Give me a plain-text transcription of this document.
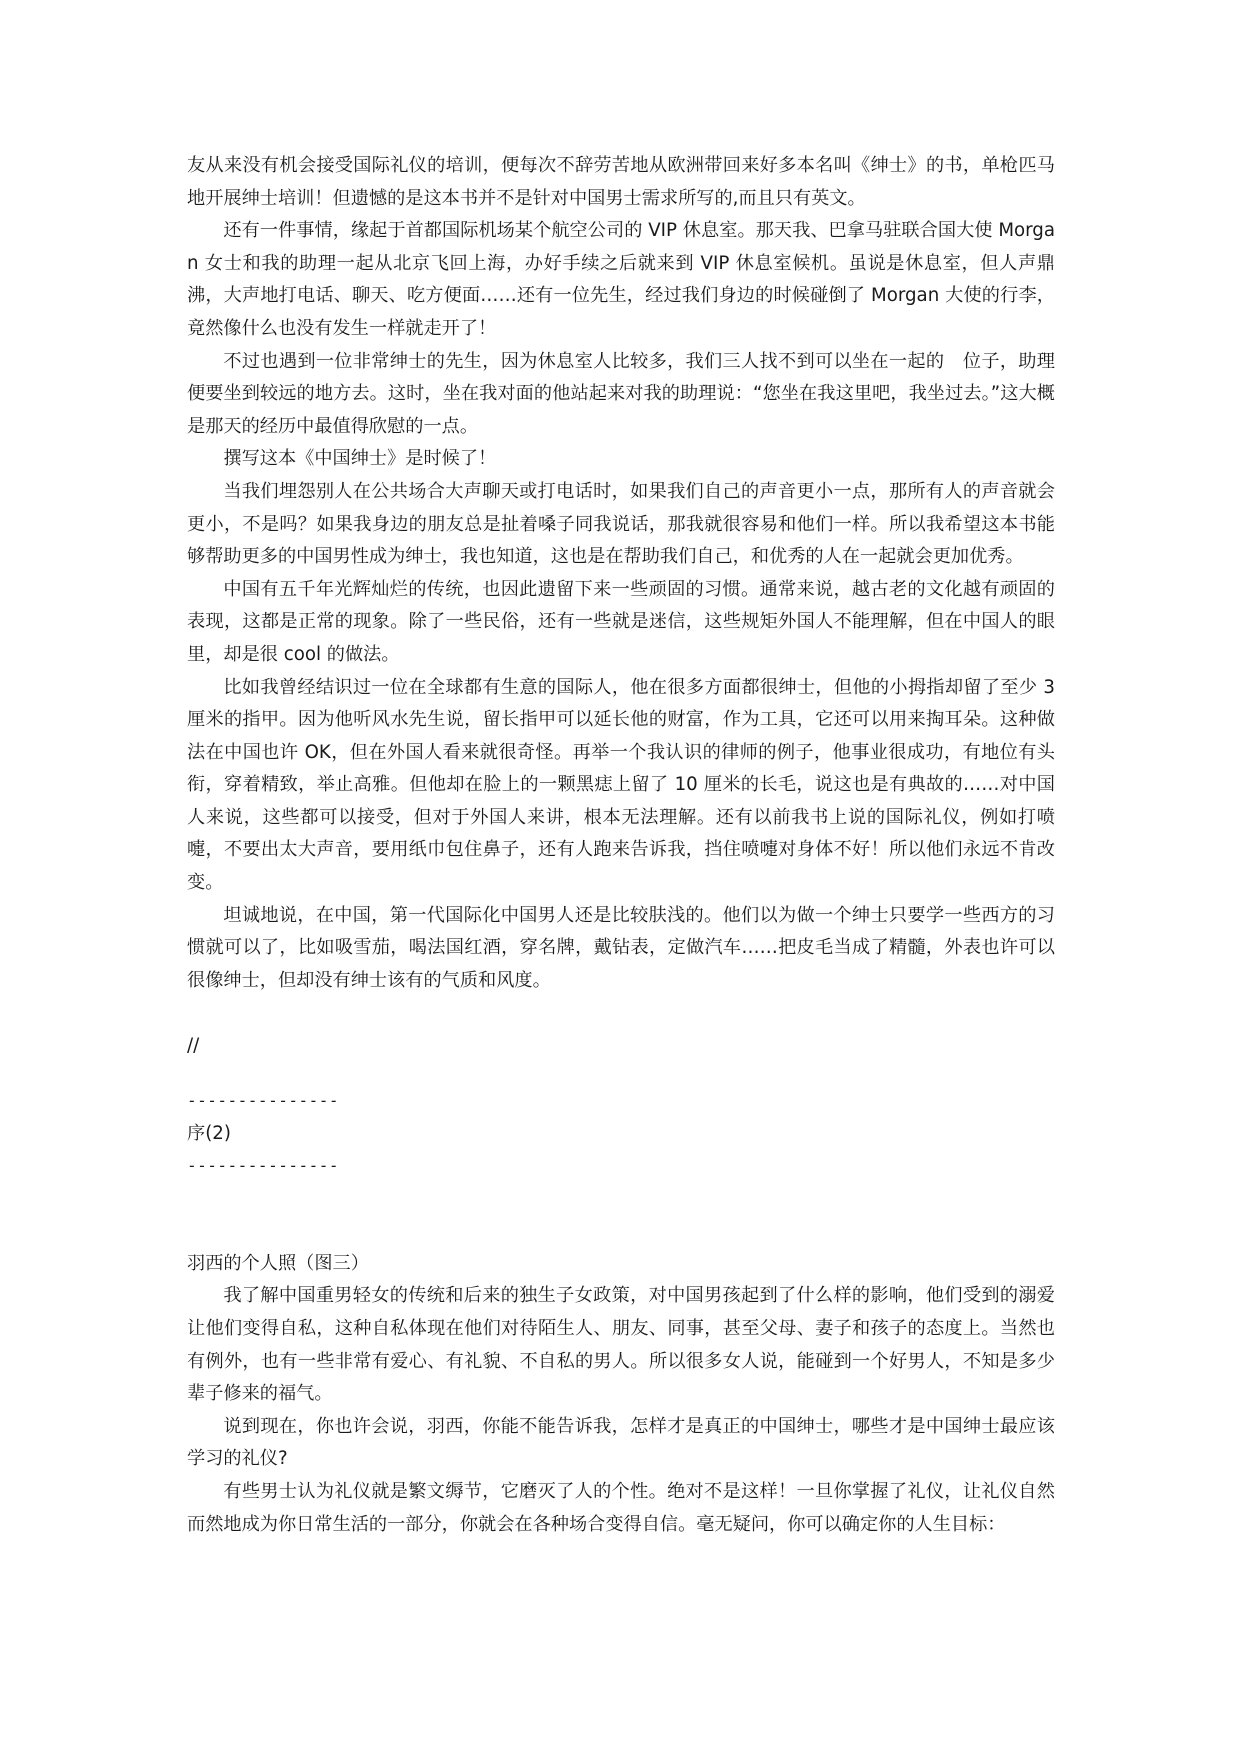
友从来没有机会接受国际礼仪的培训，便每次不辞劳苦地从欧洲带回来好多本名叫《绅士》的书，单枪匹马地开展绅士培训！但遗憾的是这本书并不是针对中国男士需求所写的,而且只有英文。

还有一件事情，缘起于首都国际机场某个航空公司的 VIP 休息室。那天我、巴拿马驻联合国大使 Morgan 女士和我的助理一起从北京飞回上海，办好手续之后就来到 VIP 休息室候机。虽说是休息室，但人声鼎沸，大声地打电话、聊天、吃方便面……还有一位先生，经过我们身边的时候碰倒了 Morgan 大使的行李，竟然像什么也没有发生一样就走开了！

不过也遇到一位非常绅士的先生，因为休息室人比较多，我们三人找不到可以坐在一起的　位子，助理便要坐到较远的地方去。这时，坐在我对面的他站起来对我的助理说：“您坐在我这里吧，我坐过去。”这大概是那天的经历中最值得欣慰的一点。

撰写这本《中国绅士》是时候了！

当我们埋怨别人在公共场合大声聊天或打电话时，如果我们自己的声音更小一点，那所有人的声音就会更小，不是吗？如果我身边的朋友总是扯着嗓子同我说话，那我就很容易和他们一样。所以我希望这本书能够帮助更多的中国男性成为绅士，我也知道，这也是在帮助我们自己，和优秀的人在一起就会更加优秀。

中国有五千年光辉灿烂的传统，也因此遗留下来一些顽固的习惯。通常来说，越古老的文化越有顽固的表现，这都是正常的现象。除了一些民俗，还有一些就是迷信，这些规矩外国人不能理解，但在中国人的眼里，却是很 cool 的做法。

比如我曾经结识过一位在全球都有生意的国际人，他在很多方面都很绅士，但他的小拇指却留了至少 3 厘米的指甲。因为他听风水先生说，留长指甲可以延长他的财富，作为工具，它还可以用来掏耳朵。这种做法在中国也许 OK，但在外国人看来就很奇怪。再举一个我认识的律师的例子，他事业很成功，有地位有头衔，穿着精致，举止高雅。但他却在脸上的一颗黑痣上留了 10 厘米的长毛，说这也是有典故的……对中国人来说，这些都可以接受，但对于外国人来讲，根本无法理解。还有以前我书上说的国际礼仪，例如打喷嚏，不要出太大声音，要用纸巾包住鼻子，还有人跑来告诉我，挡住喷嚏对身体不好！所以他们永远不肯改变。

坦诚地说，在中国，第一代国际化中国男人还是比较肤浅的。他们以为做一个绅士只要学一些西方的习惯就可以了，比如吸雪茄，喝法国红酒，穿名牌，戴钻表，定做汽车……把皮毛当成了精髓，外表也许可以很像绅士，但却没有绅士该有的气质和风度。

//

---------------

序(2)

---------------

羽西的个人照（图三）

我了解中国重男轻女的传统和后来的独生子女政策，对中国男孩起到了什么样的影响，他们受到的溺爱让他们变得自私，这种自私体现在他们对待陌生人、朋友、同事，甚至父母、妻子和孩子的态度上。当然也有例外，也有一些非常有爱心、有礼貌、不自私的男人。所以很多女人说，能碰到一个好男人，不知是多少辈子修来的福气。

说到现在，你也许会说，羽西，你能不能告诉我，怎样才是真正的中国绅士，哪些才是中国绅士最应该学习的礼仪?

有些男士认为礼仪就是繁文缛节，它磨灭了人的个性。绝对不是这样！一旦你掌握了礼仪，让礼仪自然而然地成为你日常生活的一部分，你就会在各种场合变得自信。毫无疑问，你可以确定你的人生目标：
